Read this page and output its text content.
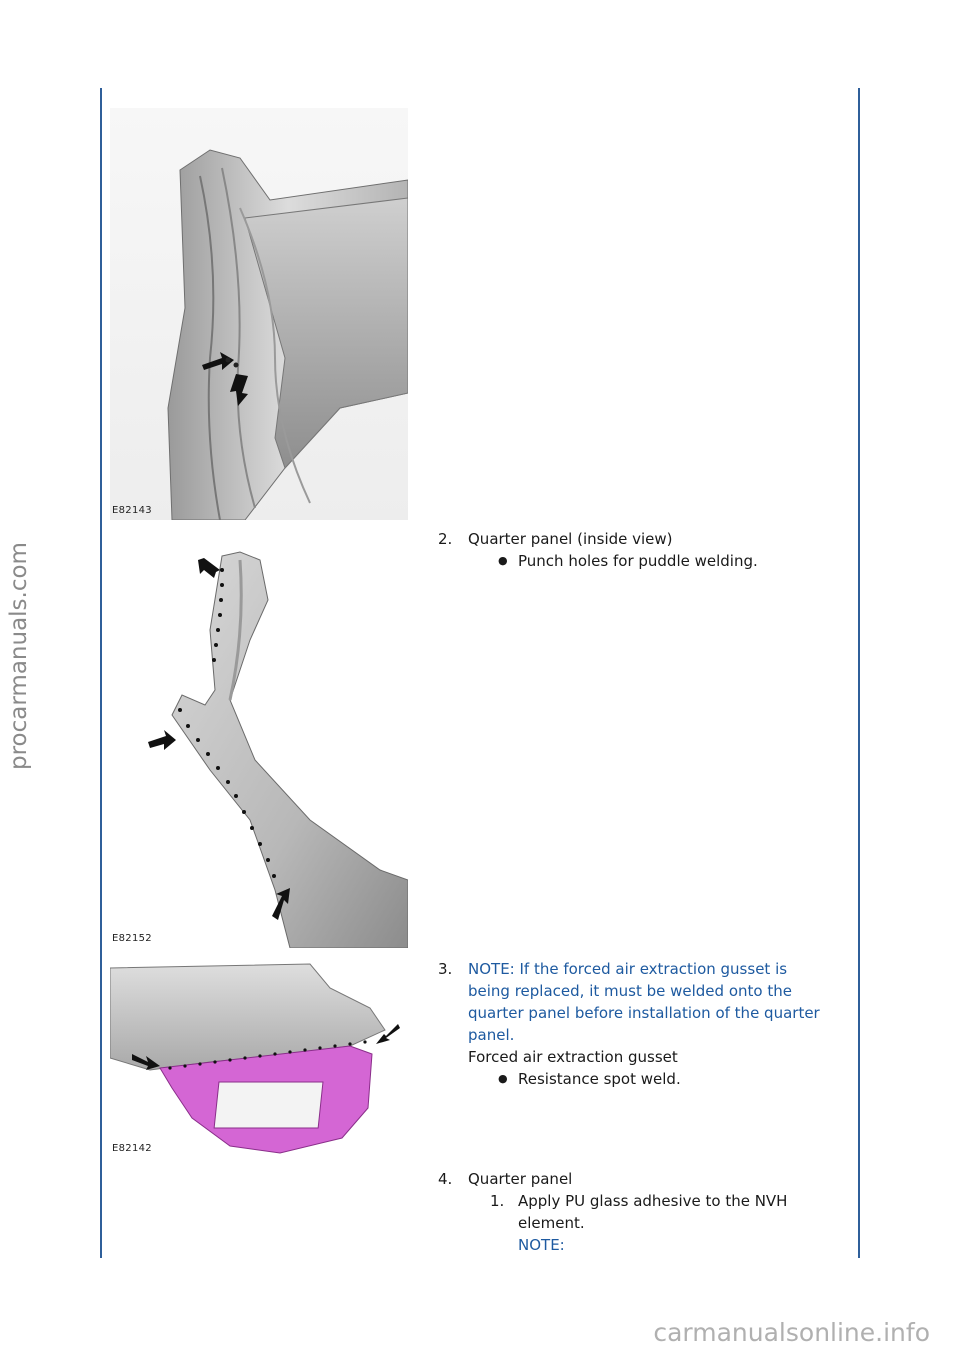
E82143
E82152
E82142
2. Quarter panel (inside view)
● Punch holes for puddle welding.
3. NOTE: If the forced air extraction gusset is being replaced, it must be welded onto the quarter panel before installation of the quarter panel.
Forced air extraction gusset
● Resistance spot weld.
4. Quarter panel
1. Apply PU glass adhesive to the NVH element.
NOTE:
procarmanuals.com
carmanualsonline.info
